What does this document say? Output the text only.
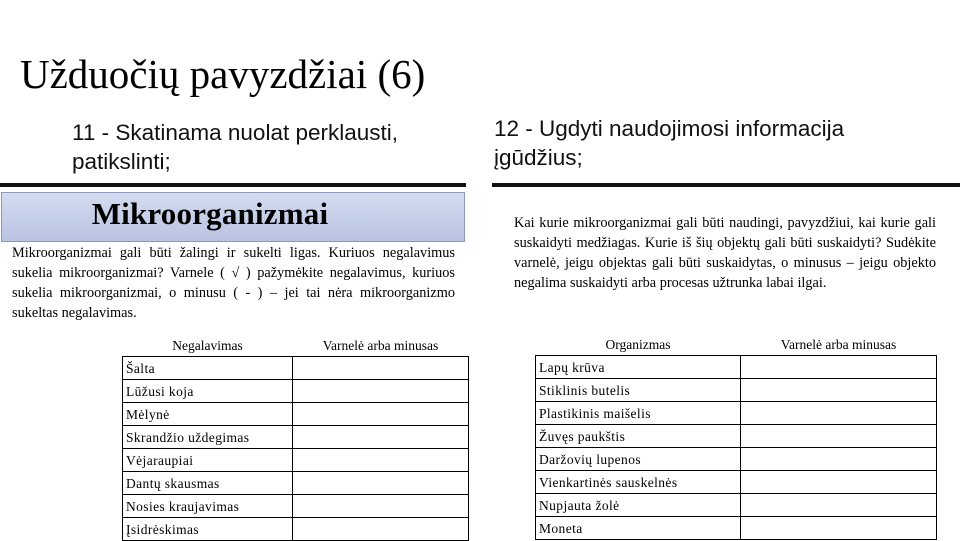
Užduočių pavyzdžiai (6)
11 - Skatinama nuolat perklausti, patikslinti;
12 - Ugdyti naudojimosi informacija įgūdžius;
Mikroorganizmai

Mikroorganizmai gali būti žalingi ir sukelti ligas. Kuriuos negalavimus sukelia mikroorganizmai? Varnele ( √ ) pažymėkite negalavimus, kuriuos sukelia mikroorganizmai, o minusu ( - ) – jei tai nėra mikroorganizmo sukeltas negalavimas.

Kai kurie mikroorganizmai gali būti naudingi, pavyzdžiui, kai kurie gali suskaidyti medžiagas. Kurie iš šių objektų gali būti suskaidyti? Sudėkite varnelė, jeigu objektas gali būti suskaidytas, o minusus – jeigu objekto negalima suskaidyti arba procesas užtrunka labai ilgai.

Negalavimas	Varnelė arba minusas
Šalta	
Lūžusi koja	
Mėlynė	
Skrandžio uždegimas	
Vėjaraupiai	
Dantų skausmas	
Nosies kraujavimas	
Įsidrėskimas	
Organizmas	Varnelė arba minusas
Lapų krūva	
Stiklinis butelis	
Plastikinis maišelis	
Žuvęs paukštis	
Daržovių lupenos	
Vienkartinės sauskelnės	
Nupjauta žolė	
Moneta	
